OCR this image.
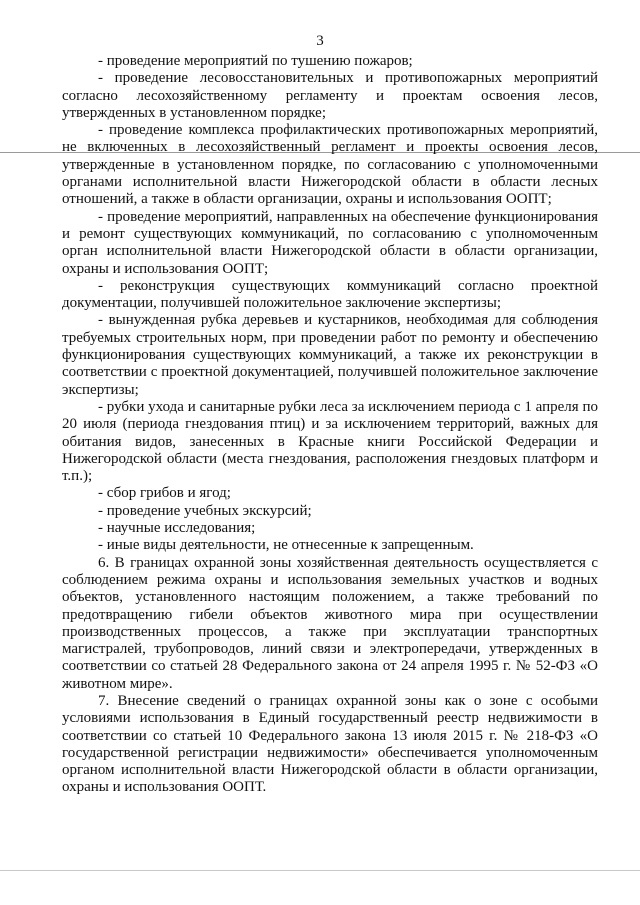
3

- проведение мероприятий по тушению пожаров;

- проведение лесовосстановительных и противопожарных мероприятий согласно лесохозяйственному регламенту и проектам освоения лесов, утвержденных в установленном порядке;

- проведение комплекса профилактических противопожарных мероприятий, не включенных в лесохозяйственный регламент и проекты освоения лесов, утвержденные в установленном порядке, по согласованию с уполномоченными органами исполнительной власти Нижегородской области в области лесных отношений, а также в области организации, охраны и использования ООПТ;

- проведение мероприятий, направленных на обеспечение функционирования и ремонт существующих коммуникаций, по согласованию с уполномоченным орган исполнительной власти Нижегородской области в области организации, охраны и использования ООПТ;

- реконструкция существующих коммуникаций согласно проектной документации, получившей положительное заключение экспертизы;

- вынужденная рубка деревьев и кустарников, необходимая для соблюдения требуемых строительных норм, при проведении работ по ремонту и обеспечению функционирования существующих коммуникаций, а также их реконструкции в соответствии с проектной документацией, получившей положительное заключение экспертизы;

- рубки ухода и санитарные рубки леса за исключением периода с 1 апреля по 20 июля (периода гнездования птиц) и за исключением территорий, важных для обитания видов, занесенных в Красные книги Российской Федерации и Нижегородской области (места гнездования, расположения гнездовых платформ и т.п.);

- сбор грибов и ягод;

- проведение учебных экскурсий;

- научные исследования;

- иные виды деятельности, не отнесенные к запрещенным.

6. В границах охранной зоны хозяйственная деятельность осуществляется с соблюдением режима охраны и использования земельных участков и водных объектов, установленного настоящим положением, а также требований по предотвращению гибели объектов животного мира при осуществлении производственных процессов, а также при эксплуатации транспортных магистралей, трубопроводов, линий связи и электропередачи, утвержденных в соответствии со статьей 28 Федерального закона от 24 апреля 1995 г. № 52-ФЗ «О животном мире».

7. Внесение сведений о границах охранной зоны как о зоне с особыми условиями использования в Единый государственный реестр недвижимости в соответствии со статьей 10 Федерального закона 13 июля 2015 г. № 218-ФЗ «О государственной регистрации недвижимости» обеспечивается уполномоченным органом исполнительной власти Нижегородской области в области организации, охраны и использования ООПТ.
